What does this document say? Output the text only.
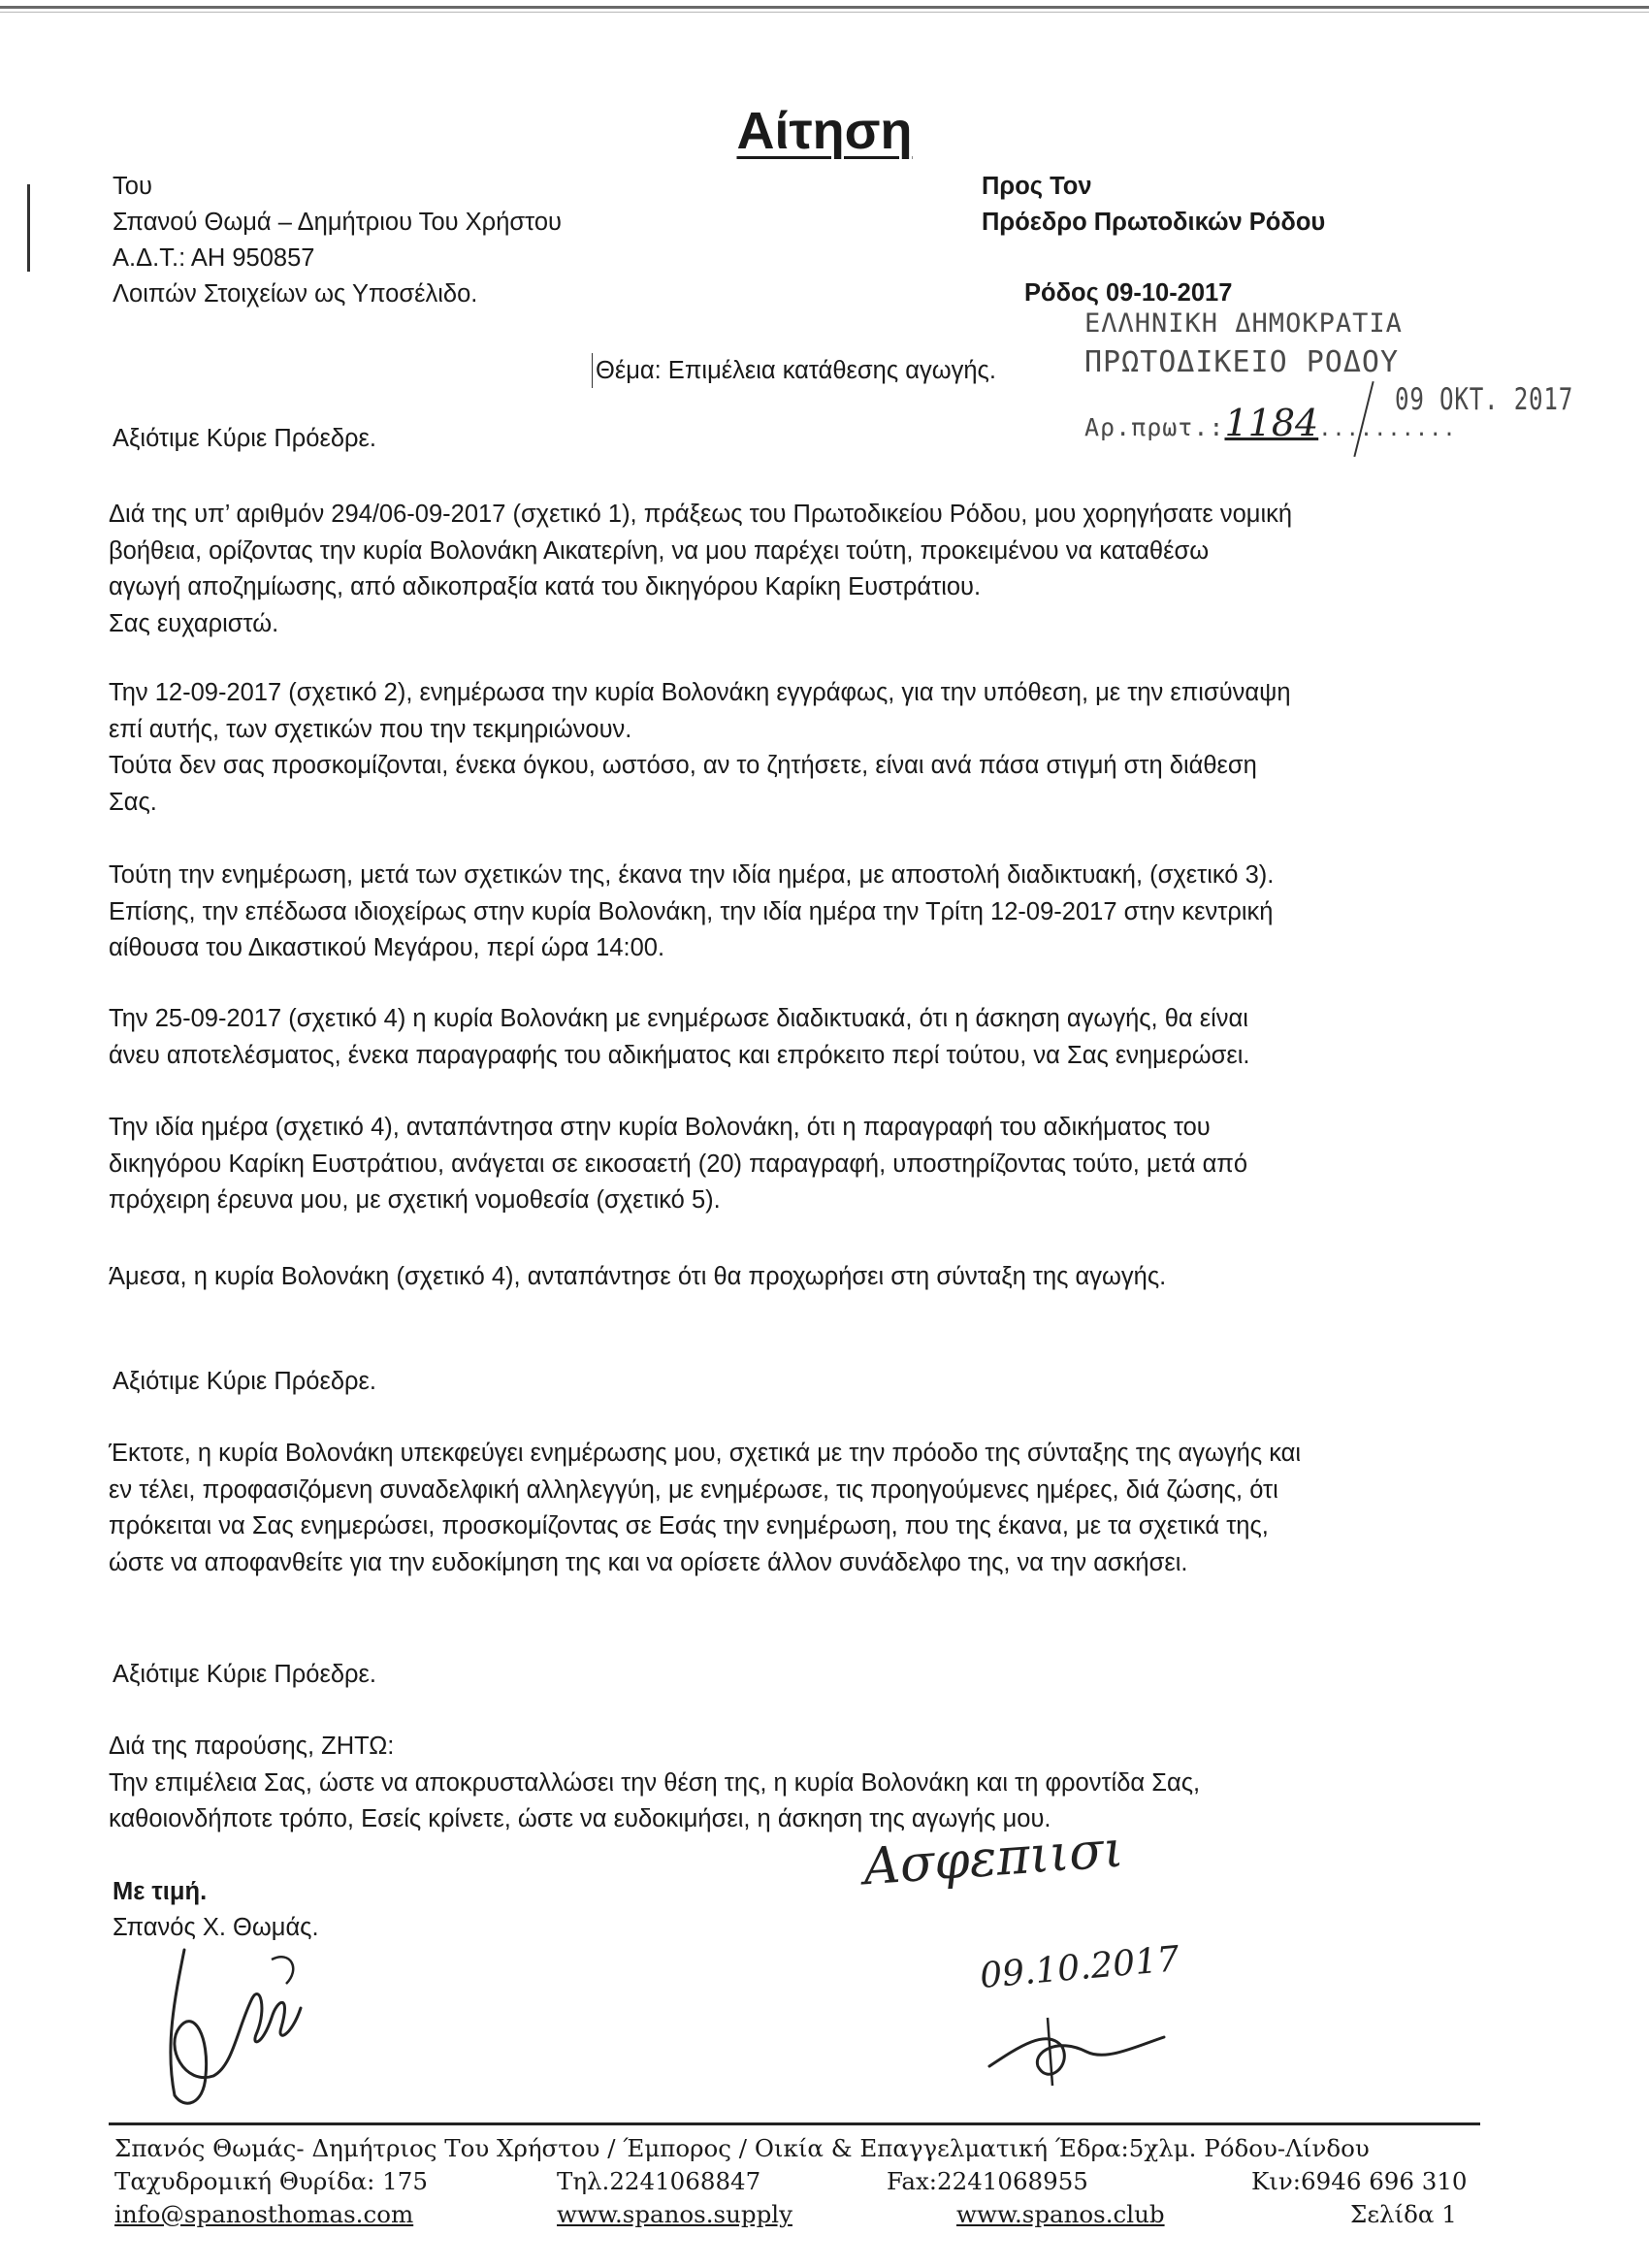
Αίτηση
Του
Σπανού Θωμά – Δημήτριου Του Χρήστου
Α.Δ.Τ.: ΑΗ 950857
Λοιπών Στοιχείων ως Υποσέλιδο.
Προς Τον
Πρόεδρο Πρωτοδικών Ρόδου
Ρόδος 09-10-2017
Θέμα: Επιμέλεια κατάθεσης αγωγής.
ΕΛΛΗΝΙΚΗ ΔΗΜΟΚΡΑΤΙΑ
ΠΡΩΤΟΔΙΚΕΙΟ ΡΟΔΟΥ
Αρ.πρωτ.:1184..........
09 ΟΚΤ. 2017
Αξιότιμε Κύριε Πρόεδρε.

Διά της υπ’ αριθμόν 294/06-09-2017 (σχετικό 1), πράξεως του Πρωτοδικείου Ρόδου, μου χορηγήσατε νομική

βοήθεια, ορίζοντας την κυρία Βολονάκη Αικατερίνη, να μου παρέχει τούτη, προκειμένου να καταθέσω

αγωγή αποζημίωσης, από αδικοπραξία κατά του δικηγόρου Καρίκη Ευστράτιου.

Σας ευχαριστώ.

Την 12-09-2017 (σχετικό 2), ενημέρωσα την κυρία Βολονάκη εγγράφως, για την υπόθεση, με την επισύναψη

επί αυτής, των σχετικών που την τεκμηριώνουν.

Τούτα δεν σας προσκομίζονται, ένεκα όγκου, ωστόσο, αν το ζητήσετε, είναι ανά πάσα στιγμή στη διάθεση

Σας.

Τούτη την ενημέρωση, μετά των σχετικών της, έκανα την ιδία ημέρα, με αποστολή διαδικτυακή, (σχετικό 3).

Επίσης, την επέδωσα ιδιοχείρως στην κυρία Βολονάκη, την ιδία ημέρα την Τρίτη 12-09-2017 στην κεντρική

αίθουσα του Δικαστικού Μεγάρου, περί ώρα 14:00.

Την 25-09-2017 (σχετικό 4) η κυρία Βολονάκη με ενημέρωσε διαδικτυακά, ότι η άσκηση αγωγής, θα είναι

άνευ αποτελέσματος, ένεκα παραγραφής του αδικήματος και επρόκειτο περί τούτου, να Σας ενημερώσει.

Την ιδία ημέρα (σχετικό 4), ανταπάντησα στην κυρία Βολονάκη, ότι η παραγραφή του αδικήματος του

δικηγόρου Καρίκη Ευστράτιου, ανάγεται σε εικοσαετή (20) παραγραφή, υποστηρίζοντας τούτο, μετά από

πρόχειρη έρευνα μου, με σχετική νομοθεσία (σχετικό 5).

Άμεσα, η κυρία Βολονάκη (σχετικό 4), ανταπάντησε ότι θα προχωρήσει στη σύνταξη της αγωγής.

Αξιότιμε Κύριε Πρόεδρε.

Έκτοτε, η κυρία Βολονάκη υπεκφεύγει ενημέρωσης μου, σχετικά με την πρόοδο της σύνταξης της αγωγής και

εν τέλει, προφασιζόμενη συναδελφική αλληλεγγύη, με ενημέρωσε, τις προηγούμενες ημέρες, διά ζώσης, ότι

πρόκειται να Σας ενημερώσει, προσκομίζοντας σε Εσάς την ενημέρωση, που της έκανα, με τα σχετικά της,

ώστε να αποφανθείτε για την ευδοκίμηση της και να ορίσετε άλλον συνάδελφο της, να την ασκήσει.

Αξιότιμε Κύριε Πρόεδρε.

Διά της παρούσης, ΖΗΤΩ:

Την επιμέλεια Σας, ώστε να αποκρυσταλλώσει την θέση της, η κυρία Βολονάκη και τη φροντίδα Σας,

καθοιονδήποτε τρόπο, Εσείς κρίνετε, ώστε να ευδοκιμήσει, η άσκηση της αγωγής μου.

Με τιμή.
Σπανός Χ. Θωμάς.
Ασφεπιισι
09.10.2017
Σπανός Θωμάς- Δημήτριος Του Χρήστου / Έμπορος / Οικία & Επαγγελματική Έδρα:5χλμ. Ρόδου-Λίνδου
Ταχυδρομική Θυρίδα: 175	Τηλ.2241068847	Fax:2241068955	Κιν:6946 696 310
info@spanosthomas.com	www.spanos.supply	www.spanos.club	Σελίδα 1
